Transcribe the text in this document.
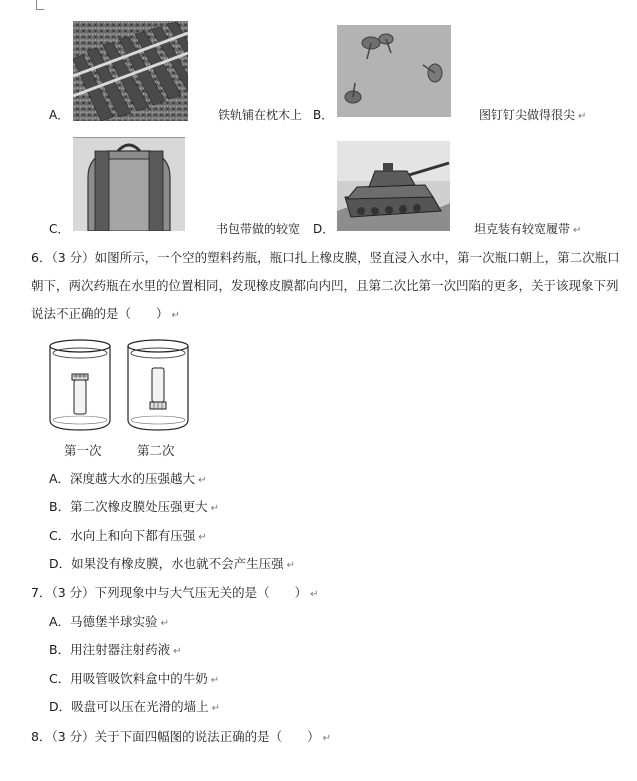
A．	铁轨铺在枕木上 B．	图钉钉尖做得很尖 ↵
C．	书包带做的较宽 D．	坦克装有较宽履带 ↵
6．（3 分）如图所示，一个空的塑料药瓶，瓶口扎上橡皮膜，竖直浸入水中，第一次瓶口朝上，第二次瓶口朝下，两次药瓶在水里的位置相同，发现橡皮膜都向内凹，且第二次比第一次凹陷的更多，关于该现象下列说法不正确的是（　　） ↵
第一次	第二次
A．深度越大水的压强越大 ↵
B．第二次橡皮膜处压强更大 ↵
C．水向上和向下都有压强 ↵
D．如果没有橡皮膜，水也就不会产生压强 ↵
7．（3 分）下列现象中与大气压无关的是（　　） ↵
A．马德堡半球实验 ↵
B．用注射器注射药液 ↵
C．用吸管吸饮料盒中的牛奶 ↵
D．吸盘可以压在光滑的墙上 ↵
8．（3 分）关于下面四幅图的说法正确的是（　　） ↵
